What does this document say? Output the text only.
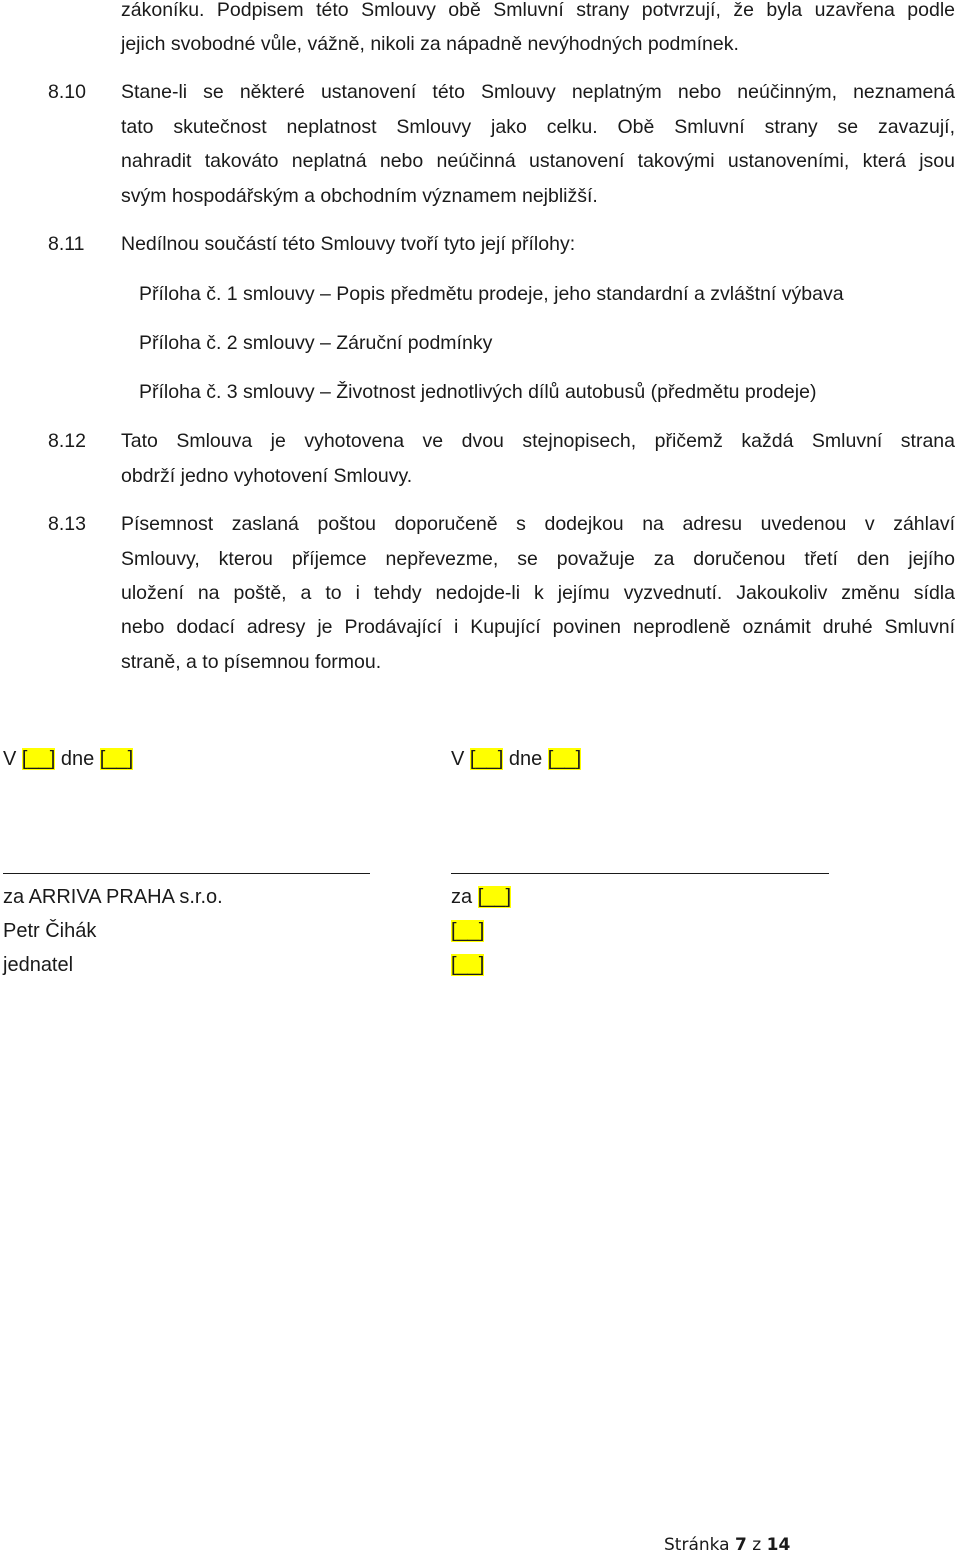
zákoníku. Podpisem této Smlouvy obě Smluvní strany potvrzují, že byla uzavřena podle
jejich svobodné vůle, vážně, nikoli za nápadně nevýhodných podmínek.
8.10 Stane-li se některé ustanovení této Smlouvy neplatným nebo neúčinným, neznamená
tato skutečnost neplatnost Smlouvy jako celku. Obě Smluvní strany se zavazují,
nahradit takováto neplatná nebo neúčinná ustanovení takovými ustanoveními, která jsou
svým hospodářským a obchodním významem nejbližší.
8.11 Nedílnou součástí této Smlouvy tvoří tyto její přílohy:
Příloha č. 1 smlouvy – Popis předmětu prodeje, jeho standardní a zvláštní výbava
Příloha č. 2 smlouvy – Záruční podmínky
Příloha č. 3 smlouvy – Životnost jednotlivých dílů autobusů (předmětu prodeje)
8.12 Tato Smlouva je vyhotovena ve dvou stejnopisech, přičemž každá Smluvní strana
obdrží jedno vyhotovení Smlouvy.
8.13 Písemnost zaslaná poštou doporučeně s dodejkou na adresu uvedenou v záhlaví
Smlouvy, kterou příjemce nepřevezme, se považuje za doručenou třetí den jejího
uložení na poště, a to i tehdy nedojde-li k jejímu vyzvednutí. Jakoukoliv změnu sídla
nebo dodací adresy je Prodávající i Kupující povinen neprodleně oznámit druhé Smluvní
straně, a to písemnou formou.
V [__] dne [__]	V [__] dne [__]
za ARRIVA PRAHA s.r.o.
Petr Čihák
jednatel
za [__]
[__]
[__]
Stránka 7 z 14
